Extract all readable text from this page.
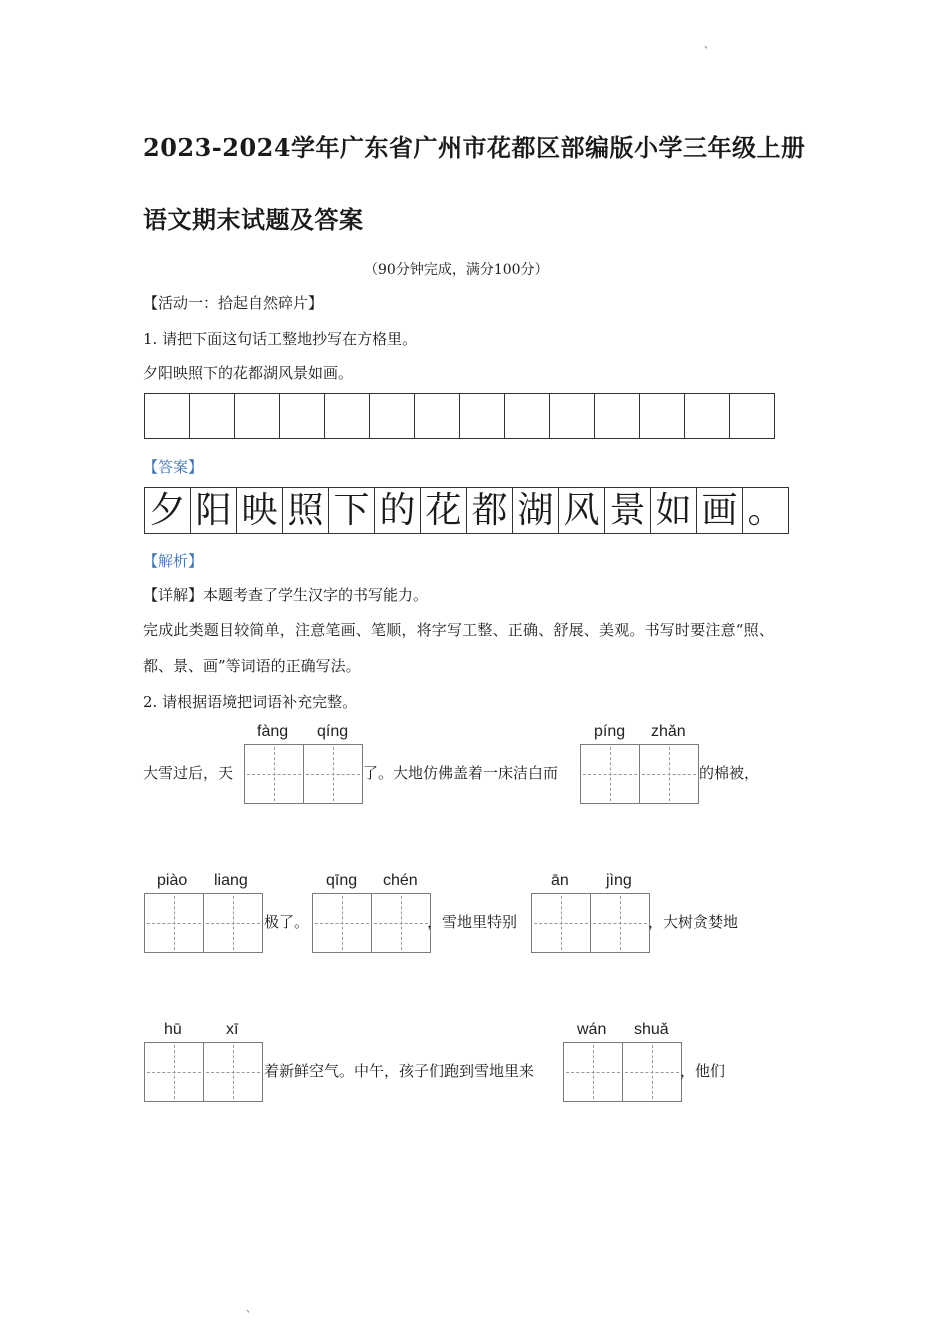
、
、
2023-2024学年广东省广州市花都区部编版小学三年级上册
语文期末试题及答案
（90分钟完成，满分100分）
【活动一：拾起自然碎片】
1. 请把下面这句话工整地抄写在方格里。
夕阳映照下的花都湖风景如画。
【答案】
夕 阳 映 照 下 的 花 都 湖 风 景 如 画 。
【解析】
【详解】本题考查了学生汉字的书写能力。
完成此类题目较简单，注意笔画、笔顺，将字写工整、正确、舒展、美观。书写时要注意“照、
都、景、画”等词语的正确写法。
2. 请根据语境把词语补充完整。
fàng qíng	píng zhǎn
大雪过后，天	了。大地仿佛盖着一床洁白而	的棉被，
piào liang	qīng chén	ān jìng
极了。	，雪地里特别	，大树贪婪地
hū	xī	wán shuǎ
着新鲜空气。中午，孩子们跑到雪地里来	，他们
